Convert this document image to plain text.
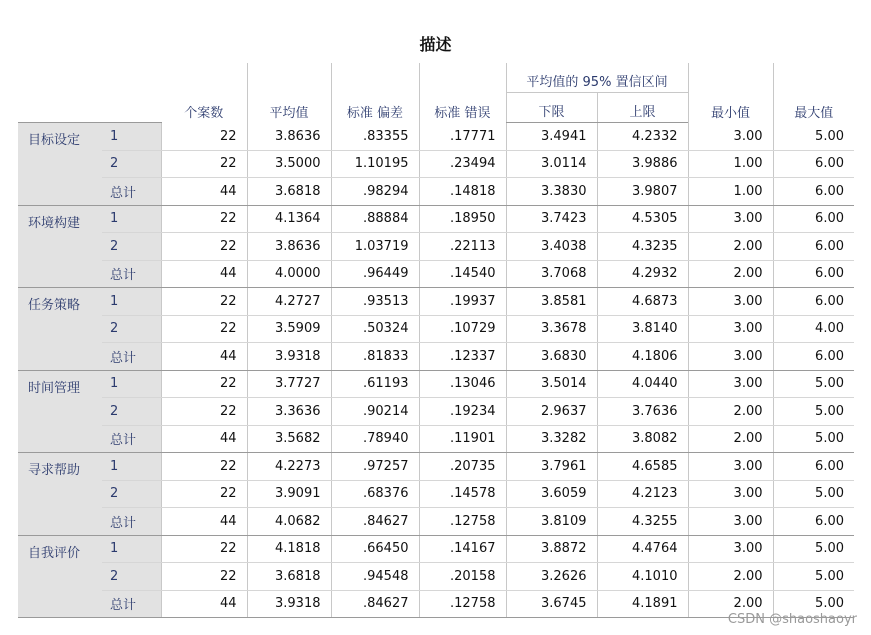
描述
		个案数	平均值	标准 偏差	标准 错误	平均值的 95% 置信区间		最小值	最大值
						下限	上限		
目标设定	1	22	3.8636	.83355	.17771	3.4941	4.2332	3.00	5.00
	2	22	3.5000	1.10195	.23494	3.0114	3.9886	1.00	6.00
	总计	44	3.6818	.98294	.14818	3.3830	3.9807	1.00	6.00
环境构建	1	22	4.1364	.88884	.18950	3.7423	4.5305	3.00	6.00
	2	22	3.8636	1.03719	.22113	3.4038	4.3235	2.00	6.00
	总计	44	4.0000	.96449	.14540	3.7068	4.2932	2.00	6.00
任务策略	1	22	4.2727	.93513	.19937	3.8581	4.6873	3.00	6.00
	2	22	3.5909	.50324	.10729	3.3678	3.8140	3.00	4.00
	总计	44	3.9318	.81833	.12337	3.6830	4.1806	3.00	6.00
时间管理	1	22	3.7727	.61193	.13046	3.5014	4.0440	3.00	5.00
	2	22	3.3636	.90214	.19234	2.9637	3.7636	2.00	5.00
	总计	44	3.5682	.78940	.11901	3.3282	3.8082	2.00	5.00
寻求帮助	1	22	4.2273	.97257	.20735	3.7961	4.6585	3.00	6.00
	2	22	3.9091	.68376	.14578	3.6059	4.2123	3.00	5.00
	总计	44	4.0682	.84627	.12758	3.8109	4.3255	3.00	6.00
自我评价	1	22	4.1818	.66450	.14167	3.8872	4.4764	3.00	5.00
	2	22	3.6818	.94548	.20158	3.2626	4.1010	2.00	5.00
	总计	44	3.9318	.84627	.12758	3.6745	4.1891	2.00	5.00
CSDN @shaoshaoyr
